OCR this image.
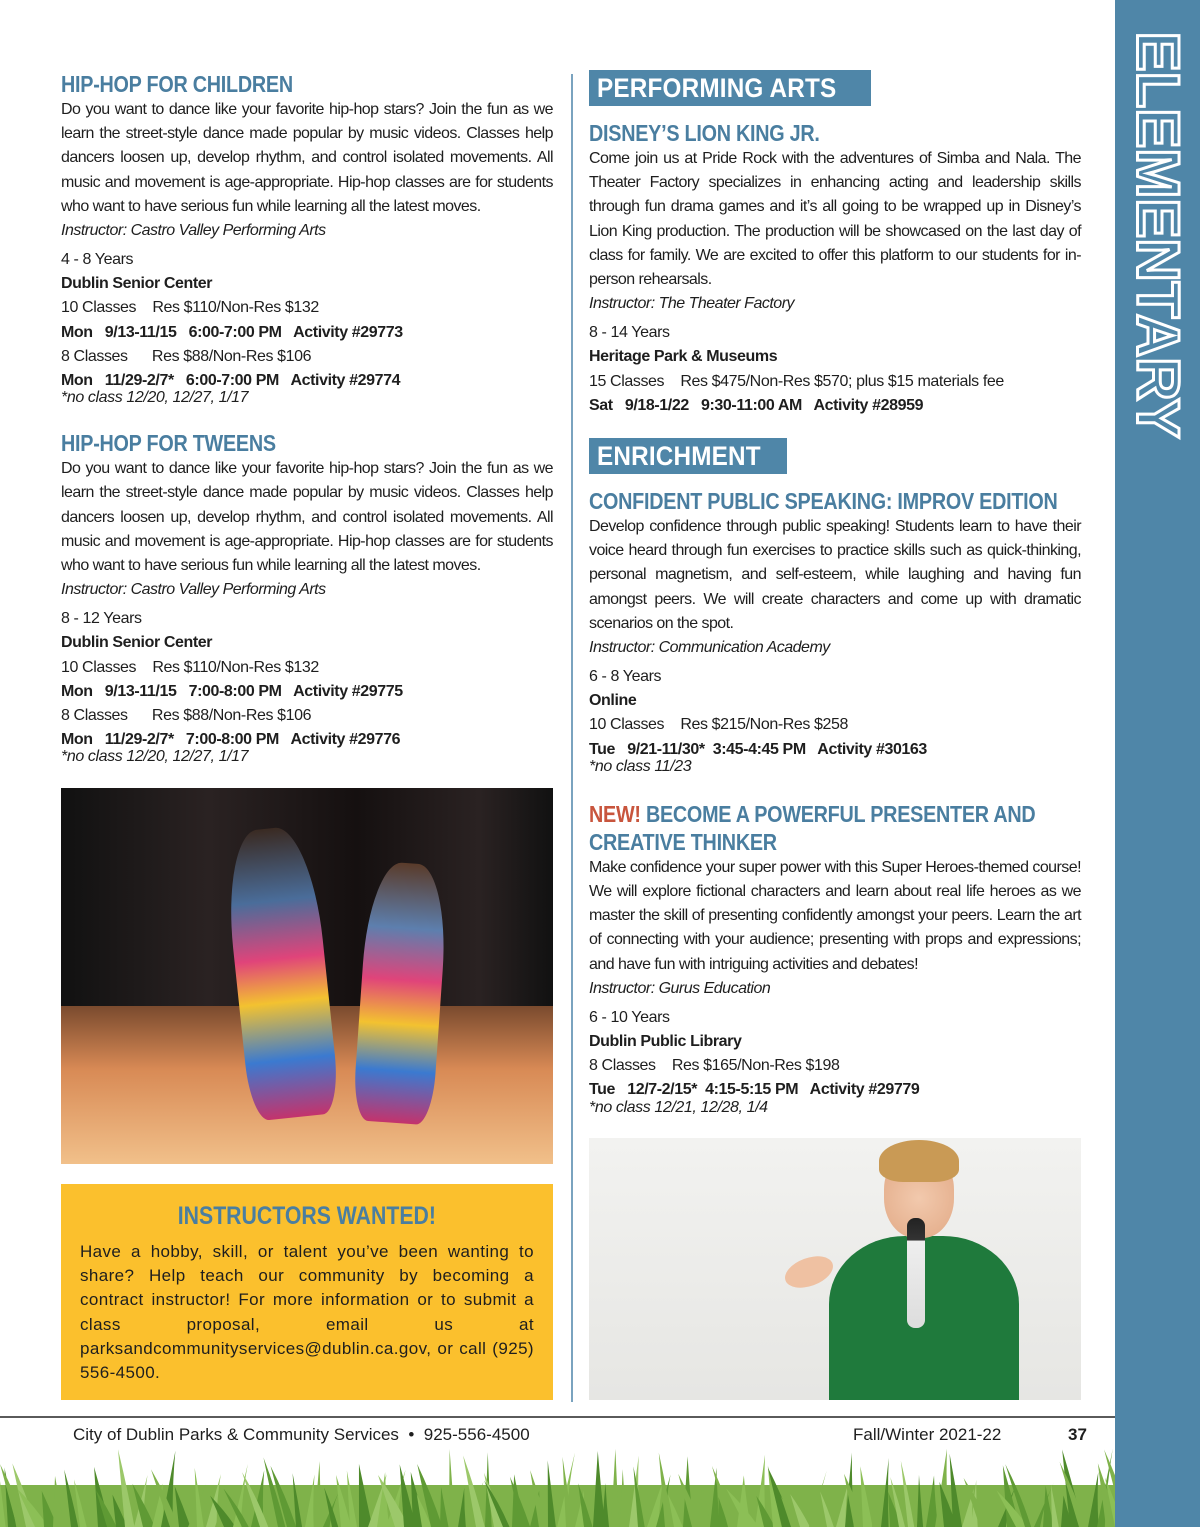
ELEMENTARY
HIP-HOP FOR CHILDREN
Do you want to dance like your favorite hip-hop stars? Join the fun as we learn the street-style dance made popular by music videos. Classes help dancers loosen up, develop rhythm, and control isolated movements. All music and movement is age-appropriate. Hip-hop classes are for students who want to have serious fun while learning all the latest moves.
Instructor: Castro Valley Performing Arts
4 - 8 Years
Dublin Senior Center
10 Classes    Res $110/Non-Res $132
Mon   9/13-11/15   6:00-7:00 PM   Activity #29773
8 Classes      Res $88/Non-Res $106
Mon   11/29-2/7*   6:00-7:00 PM   Activity #29774
*no class 12/20, 12/27, 1/17
HIP-HOP FOR TWEENS
Do you want to dance like your favorite hip-hop stars? Join the fun as we learn the street-style dance made popular by music videos. Classes help dancers loosen up, develop rhythm, and control isolated movements. All music and movement is age-appropriate. Hip-hop classes are for students who want to have serious fun while learning all the latest moves.
Instructor: Castro Valley Performing Arts
8 - 12 Years
Dublin Senior Center
10 Classes    Res $110/Non-Res $132
Mon   9/13-11/15   7:00-8:00 PM   Activity #29775
8 Classes      Res $88/Non-Res $106
Mon   11/29-2/7*   7:00-8:00 PM   Activity #29776
*no class 12/20, 12/27, 1/17
INSTRUCTORS WANTED!
Have a hobby, skill, or talent you’ve been wanting to share? Help teach our community by becoming a contract instructor! For more information or to submit a class proposal, email us at parksandcommunityservices@dublin.ca.gov, or call (925) 556-4500.
PERFORMING ARTS
DISNEY’S LION KING JR.
Come join us at Pride Rock with the adventures of Simba and Nala. The Theater Factory specializes in enhancing acting and leadership skills through fun drama games and it’s all going to be wrapped up in Disney’s Lion King production. The production will be showcased on the last day of class for family. We are excited to offer this platform to our students for in-person rehearsals.
Instructor: The Theater Factory
8 - 14 Years
Heritage Park & Museums
15 Classes    Res $475/Non-Res $570; plus $15 materials fee
Sat   9/18-1/22   9:30-11:00 AM   Activity #28959
ENRICHMENT
CONFIDENT PUBLIC SPEAKING: IMPROV EDITION
Develop confidence through public speaking! Students learn to have their voice heard through fun exercises to practice skills such as quick-thinking, personal magnetism, and self-esteem, while laughing and having fun amongst peers. We will create characters and come up with dramatic scenarios on the spot.
Instructor: Communication Academy
6 - 8 Years
Online
10 Classes    Res $215/Non-Res $258
Tue   9/21-11/30*  3:45-4:45 PM   Activity #30163
*no class 11/23
NEW! BECOME A POWERFUL PRESENTER AND
CREATIVE THINKER
Make confidence your super power with this Super Heroes-themed course! We will explore fictional characters and learn about real life heroes as we master the skill of presenting confidently amongst your peers. Learn the art of connecting with your audience; presenting with props and expressions; and have fun with intriguing activities and debates!
Instructor: Gurus Education
6 - 10 Years
Dublin Public Library
8 Classes    Res $165/Non-Res $198
Tue   12/7-2/15*  4:15-5:15 PM   Activity #29779
*no class 12/21, 12/28, 1/4
City of Dublin Parks & Community Services  •  925-556-4500	Fall/Winter 2021-22	37
